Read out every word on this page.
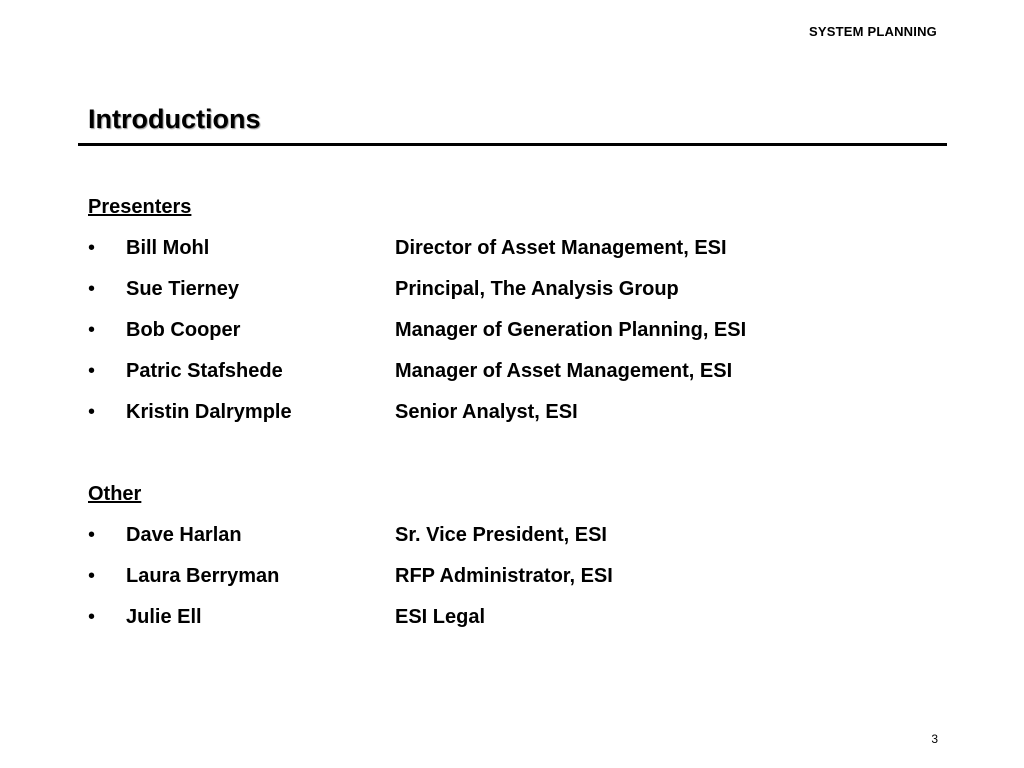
SYSTEM PLANNING
Introductions
Presenters
•	Bill Mohl	Director of Asset Management, ESI
•	Sue Tierney	Principal, The Analysis Group
•	Bob Cooper	Manager of Generation Planning, ESI
•	Patric Stafshede	Manager of Asset Management, ESI
•	Kristin Dalrymple	Senior Analyst, ESI
Other
•	Dave Harlan	Sr. Vice President, ESI
•	Laura Berryman	RFP Administrator, ESI
•	Julie Ell	ESI Legal
3
